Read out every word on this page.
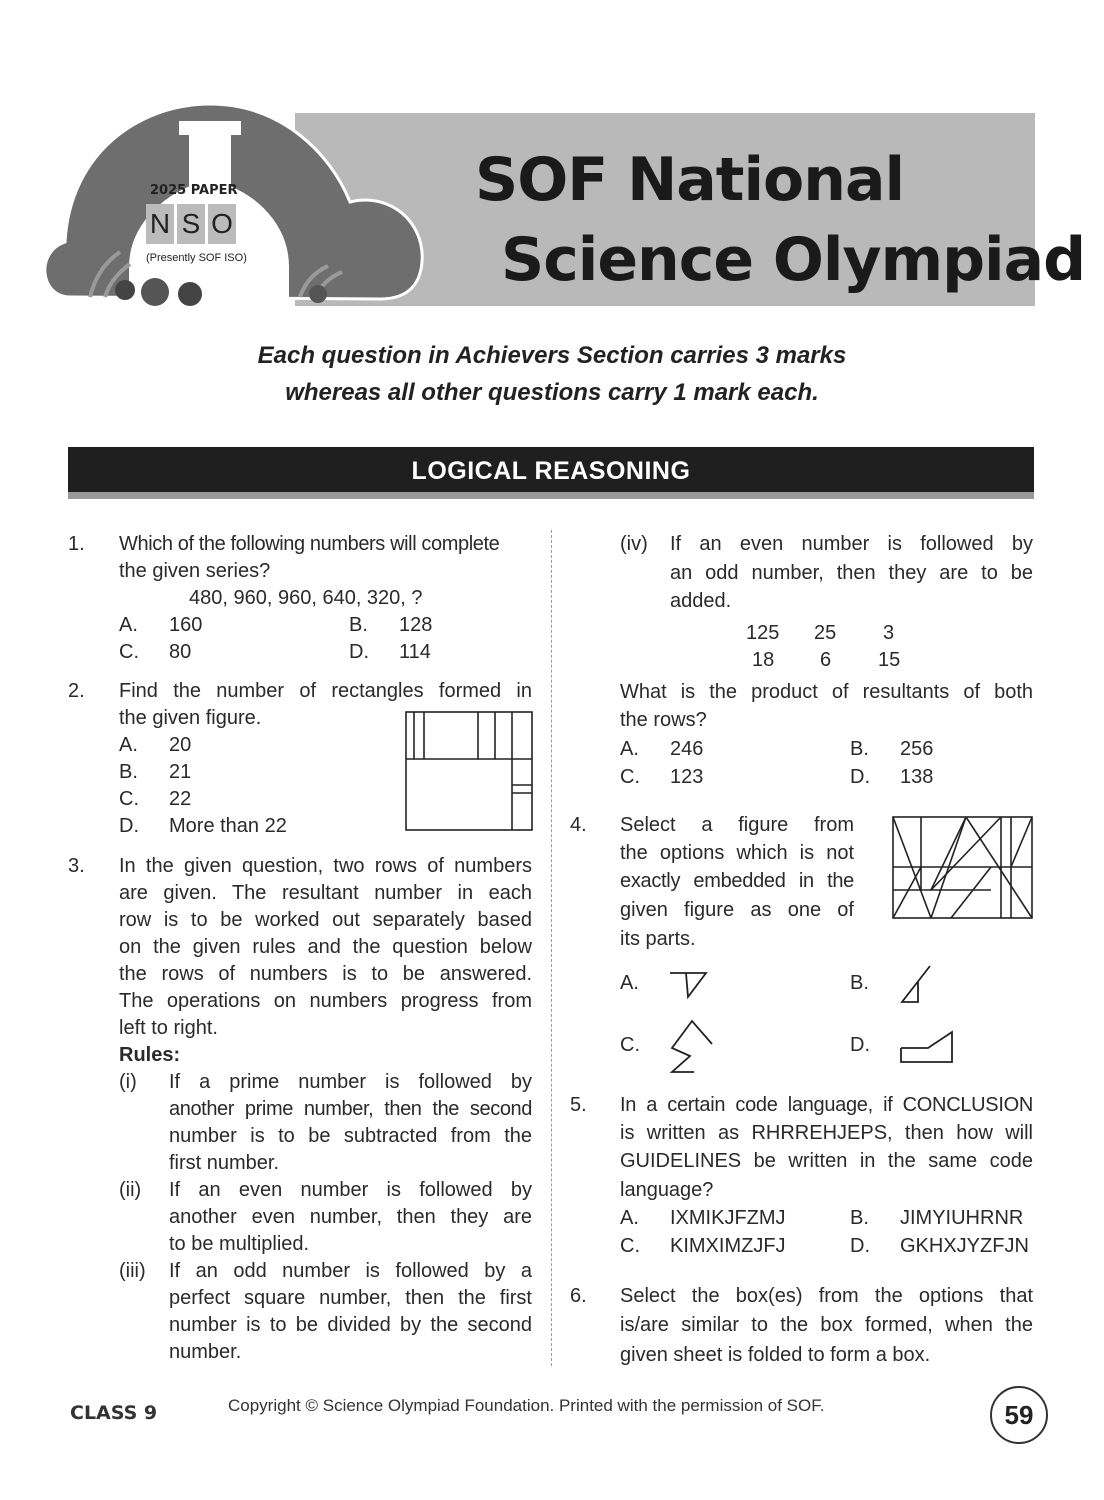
SOF National
Science Olympiad
2025 PAPER
N S O
(Presently SOF ISO)
Each question in Achievers Section carries 3 marks
whereas all other questions carry 1 mark each.
LOGICAL REASONING
1. Which of the following numbers will complete
the given series?
480, 960, 960, 640, 320, ?
A. 160	B. 128
C. 80	D. 114
2. Find the number of rectangles formed in
the given figure.
A. 20
B. 21
C. 22
D. More than 22
3. In the given question, two rows of numbers
are given. The resultant number in each
row is to be worked out separately based
on the given rules and the question below
the rows of numbers is to be answered.
The operations on numbers progress from
left to right.
Rules:
(i) If a prime number is followed by
another prime number, then the second
number is to be subtracted from the
first number.
(ii) If an even number is followed by
another even number, then they are
to be multiplied.
(iii) If an odd number is followed by a
perfect square number, then the first
number is to be divided by the second
number.
(iv) If an even number is followed by
an odd number, then they are to be
added.
125 25 3
18 6 15
What is the product of resultants of both
the rows?
A. 246	B. 256
C. 123	D. 138
4. Select a figure from
the options which is not
exactly embedded in the
given figure as one of
its parts.
A.	B.
C.	D.
5. In a certain code language, if CONCLUSION
is written as RHRREHJEPS, then how will
GUIDELINES be written in the same code
language?
A. IXMIKJFZMJ	B. JIMYIUHRNR
C. KIMXIMZJFJ	D. GKHXJYZFJN
6. Select the box(es) from the options that
is/are similar to the box formed, when the
given sheet is folded to form a box.
CLASS 9	Copyright © Science Olympiad Foundation. Printed with the permission of SOF.	59
